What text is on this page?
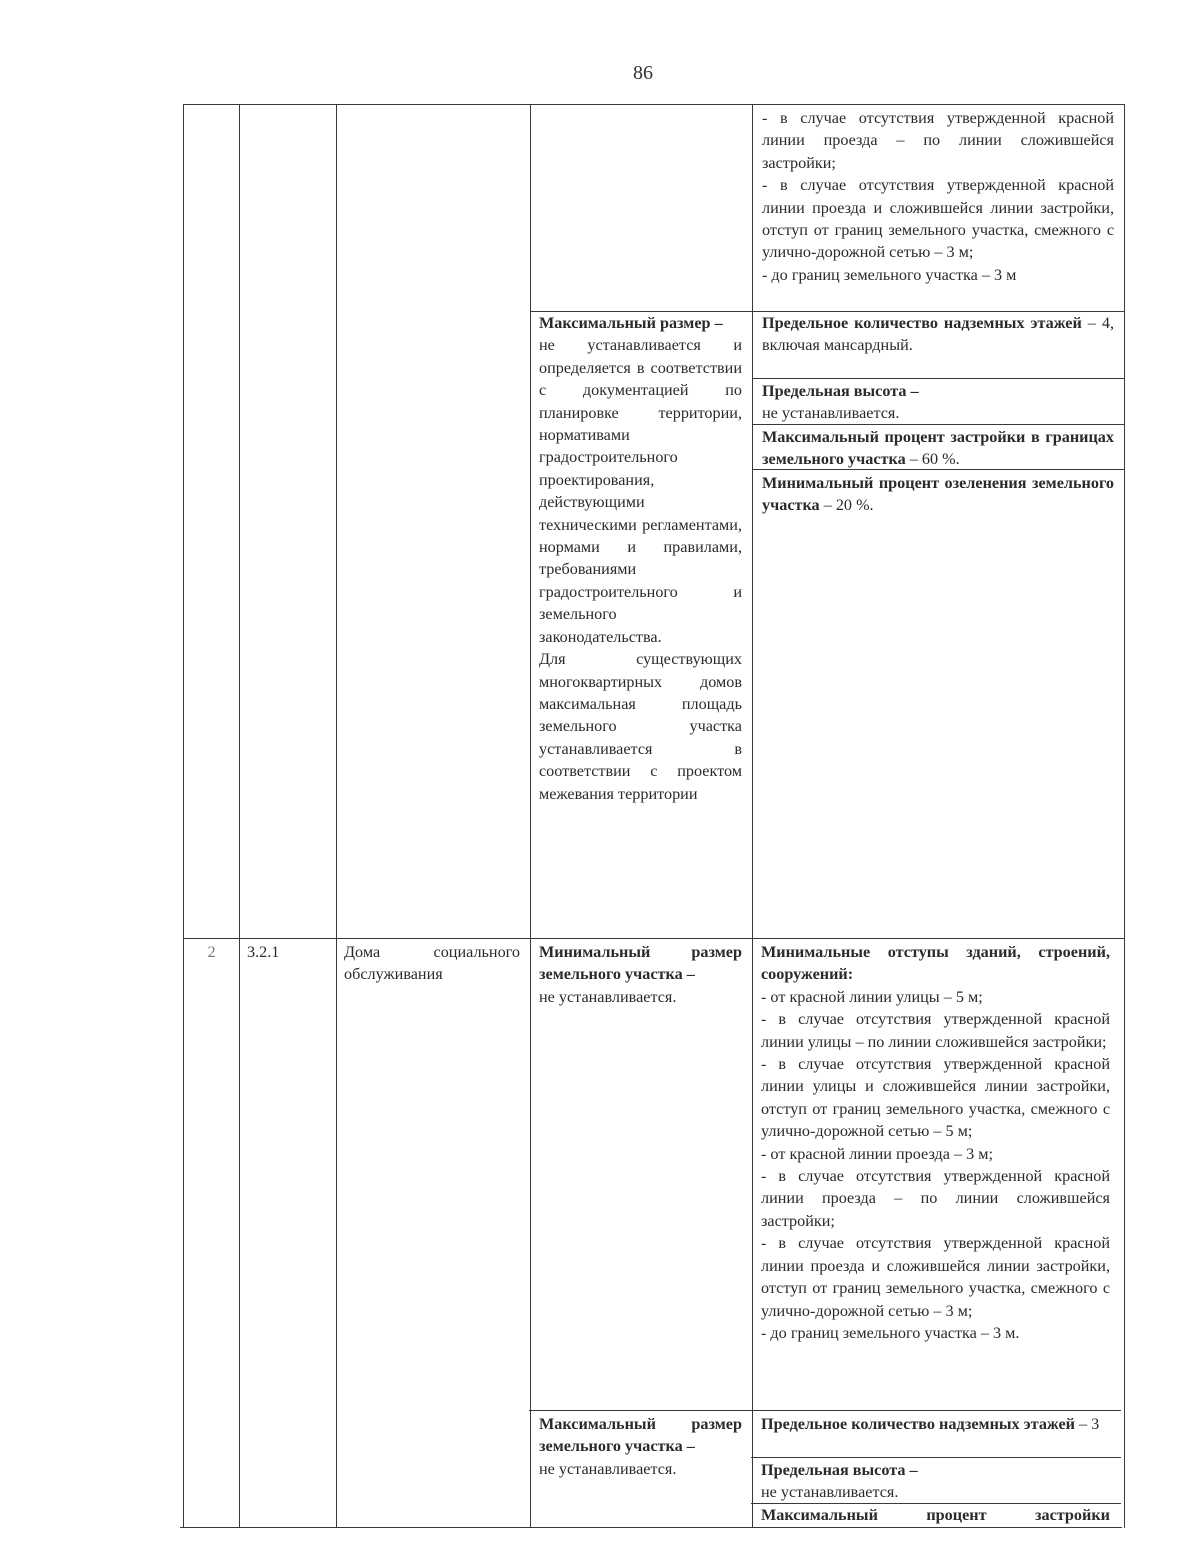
86

- в случае отсутствия утвержденной красной линии проезда – по линии сложившейся застройки;

- в случае отсутствия утвержденной красной линии проезда и сложившейся линии застройки, отступ от границ земельного участка, смежного с улично-дорожной сетью – 3 м;

- до границ земельного участка – 3 м

Максимальный размер –

не устанавливается и определяется в соответствии с документацией по планировке территории, нормативами градостроительного проектирования, действующими техническими регламентами, нормами и правилами, требованиями градостроительного и земельного законодательства.

Для существующих многоквартирных домов максимальная площадь земельного участка устанавливается в соответствии с проектом межевания территории

Предельное количество надземных этажей – 4, включая мансардный.

Предельная высота –

не устанавливается.

Максимальный процент застройки в границах земельного участка – 60 %.
Минимальный процент озеленения земельного участка – 20 %.
2	3.2.1	Дома социального обслуживания

Минимальный размер земельного участка –

не устанавливается.

Минимальные отступы зданий, строений, сооружений:

- от красной линии улицы – 5 м;

- в случае отсутствия утвержденной красной линии улицы – по линии сложившейся застройки;

- в случае отсутствия утвержденной красной линии улицы и сложившейся линии застройки, отступ от границ земельного участка, смежного с улично-дорожной сетью – 5 м;

- от красной линии проезда – 3 м;

- в случае отсутствия утвержденной красной линии проезда – по линии сложившейся застройки;

- в случае отсутствия утвержденной красной линии проезда и сложившейся линии застройки, отступ от границ земельного участка, смежного с улично-дорожной сетью – 3 м;

- до границ земельного участка – 3 м.

Максимальный размер земельного участка –

не устанавливается.

Предельное количество надземных этажей – 3

Предельная высота –

не устанавливается.

Максимальный процент застройки
